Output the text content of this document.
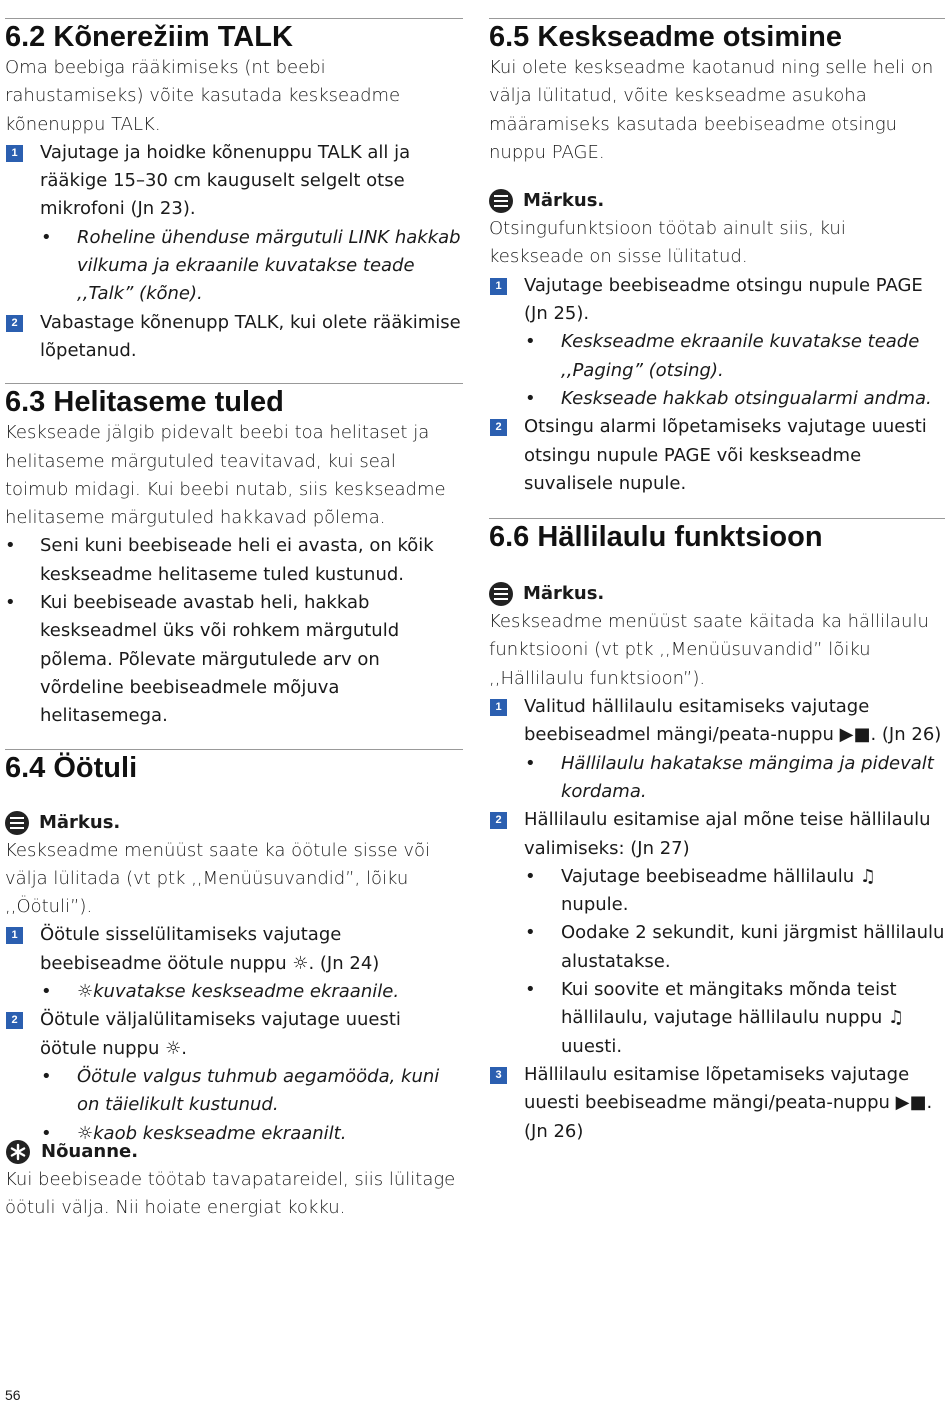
6.2 Kõnerežiim TALK

Oma beebiga rääkimiseks (nt beebi rahustamiseks) võite kasutada keskseadme kõnenuppu TALK.

1	Vajutage ja hoidke kõnenuppu TALK all ja rääkige 15–30 cm kauguselt selgelt otse mikrofoni (Jn 23).
• Roheline ühenduse märgutuli LINK hakkab vilkuma ja ekraanile kuvatakse teade ,,Talk” (kõne).
2	Vabastage kõnenupp TALK, kui olete rääkimise lõpetanud.
6.3 Helitaseme tuled

Keskseade jälgib pidevalt beebi toa helitaset ja helitaseme märgutuled teavitavad, kui seal toimub midagi. Kui beebi nutab, siis keskseadme helitaseme märgutuled hakkavad põlema.

• Seni kuni beebiseade heli ei avasta, on kõik keskseadme helitaseme tuled kustunud.
• Kui beebiseade avastab heli, hakkab keskseadmel üks või rohkem märgutuld põlema. Põlevate märgutulede arv on võrdeline beebiseadmele mõjuva helitasemega.
6.4 Öötuli
Märkus.

Keskseadme menüüst saate ka öötule sisse või välja lülitada (vt ptk ,,Menüüsuvandid”, lõiku ,,Öötuli”).

1	Öötule sisselülitamiseks vajutage beebiseadme öötule nuppu ☼. (Jn 24)
• ☼kuvatakse keskseadme ekraanile.
2	Öötule väljalülitamiseks vajutage uuesti öötule nuppu ☼.
• Öötule valgus tuhmub aegamööda, kuni on täielikult kustunud.
• ☼kaob keskseadme ekraanilt.
Nõuanne.

Kui beebiseade töötab tavapatareidel, siis lülitage öötuli välja. Nii hoiate energiat kokku.

6.5 Keskseadme otsimine

Kui olete keskseadme kaotanud ning selle heli on välja lülitatud, võite keskseadme asukoha määramiseks kasutada beebiseadme otsingu nuppu PAGE.

Märkus.

Otsingufunktsioon töötab ainult siis, kui keskseade on sisse lülitatud.

1	Vajutage beebiseadme otsingu nupule PAGE (Jn 25).
• Keskseadme ekraanile kuvatakse teade ,,Paging” (otsing).
• Keskseade hakkab otsingualarmi andma.
2	Otsingu alarmi lõpetamiseks vajutage uuesti otsingu nupule PAGE või keskseadme suvalisele nupule.
6.6 Hällilaulu funktsioon
Märkus.

Keskseadme menüüst saate käitada ka hällilaulu funktsiooni (vt ptk ,,Menüüsuvandid” lõiku ,,Hällilaulu funktsioon”).

1	Valitud hällilaulu esitamiseks vajutage beebiseadmel mängi/peata-nuppu ▶■. (Jn 26)
• Hällilaulu hakatakse mängima ja pidevalt kordama.
2	Hällilaulu esitamise ajal mõne teise hällilaulu valimiseks: (Jn 27)
• Vajutage beebiseadme hällilaulu ♫ nupule.
• Oodake 2 sekundit, kuni järgmist hällilaulu alustatakse.
• Kui soovite et mängitaks mõnda teist hällilaulu, vajutage hällilaulu nuppu ♫ uuesti.
3	Hällilaulu esitamise lõpetamiseks vajutage uuesti beebiseadme mängi/peata-nuppu ▶■. (Jn 26)
56
